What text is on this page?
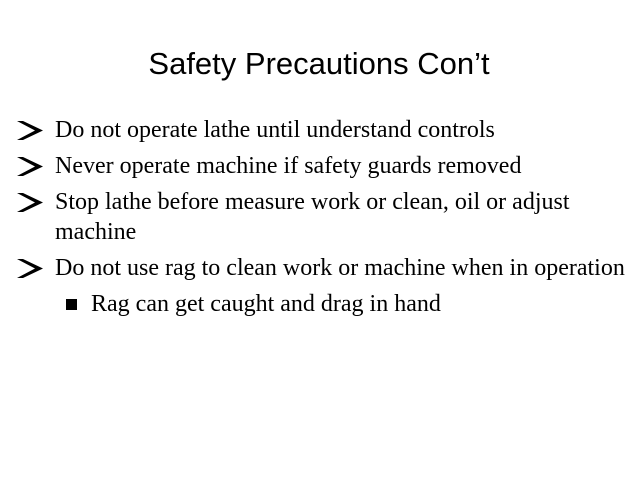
Safety Precautions Con’t
Do not operate lathe until understand controls
Never operate machine if safety guards removed
Stop lathe before measure work or clean, oil or adjust machine
Do not use rag to clean work or machine when in operation
Rag can get caught and drag in hand
